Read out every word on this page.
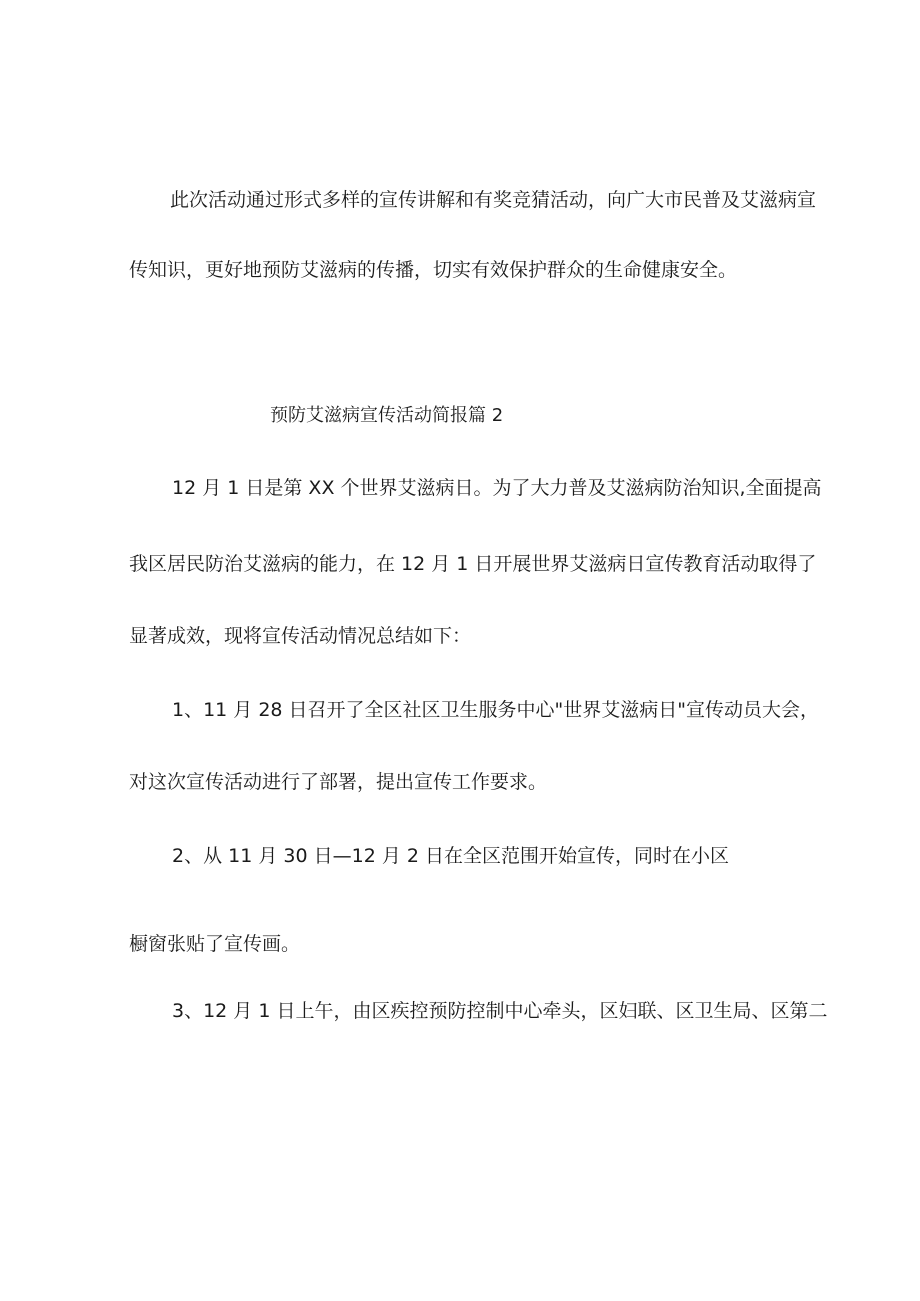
此次活动通过形式多样的宣传讲解和有奖竞猜活动，向广大市民普及艾滋病宣

传知识，更好地预防艾滋病的传播，切实有效保护群众的生命健康安全。

预防艾滋病宣传活动简报篇 2

12 月 1 日是第 XX 个世界艾滋病日。为了大力普及艾滋病防治知识,全面提高

我区居民防治艾滋病的能力，在 12 月 1 日开展世界艾滋病日宣传教育活动取得了

显著成效，现将宣传活动情况总结如下：

1、11 月 28 日召开了全区社区卫生服务中心"世界艾滋病日"宣传动员大会，

对这次宣传活动进行了部署，提出宣传工作要求。

2、从 11 月 30 日—12 月 2 日在全区范围开始宣传，同时在小区

橱窗张贴了宣传画。

3、12 月 1 日上午，由区疾控预防控制中心牵头，区妇联、区卫生局、区第二
